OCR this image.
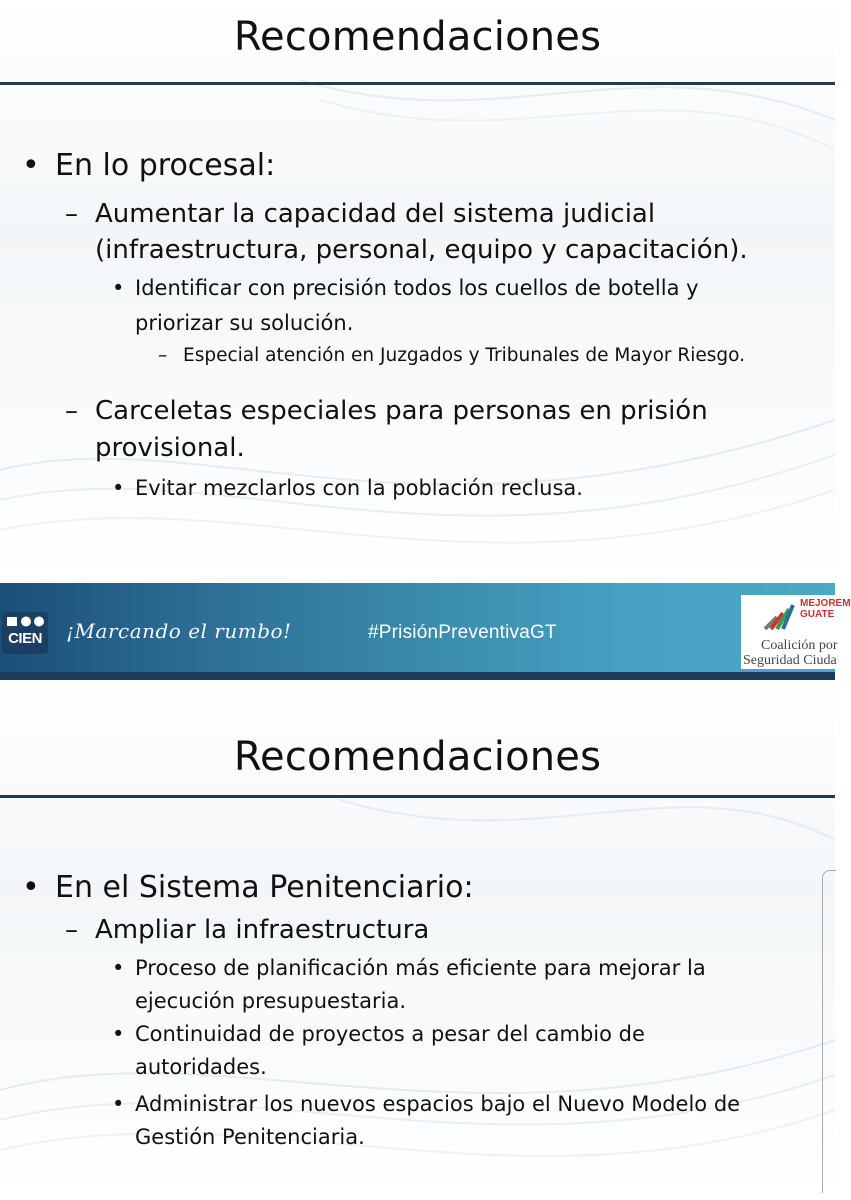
Recomendaciones
• En lo procesal:
– Aumentar la capacidad del sistema judicial
(infraestructura, personal, equipo y capacitación).
• Identificar con precisión todos los cuellos de botella y
priorizar su solución.
– Especial atención en Juzgados y Tribunales de Mayor Riesgo.
– Carceletas especiales para personas en prisión
provisional.
• Evitar mezclarlos con la población reclusa.
CIEN	¡Marcando el rumbo!	#PrisiónPreventivaGT
MEJOREM
GUATE
Coalición por
Seguridad Ciuda
Recomendaciones
• En el Sistema Penitenciario:
– Ampliar la infraestructura
• Proceso de planificación más eficiente para mejorar la
ejecución presupuestaria.
• Continuidad de proyectos a pesar del cambio de
autoridades.
• Administrar los nuevos espacios bajo el Nuevo Modelo de
Gestión Penitenciaria.
